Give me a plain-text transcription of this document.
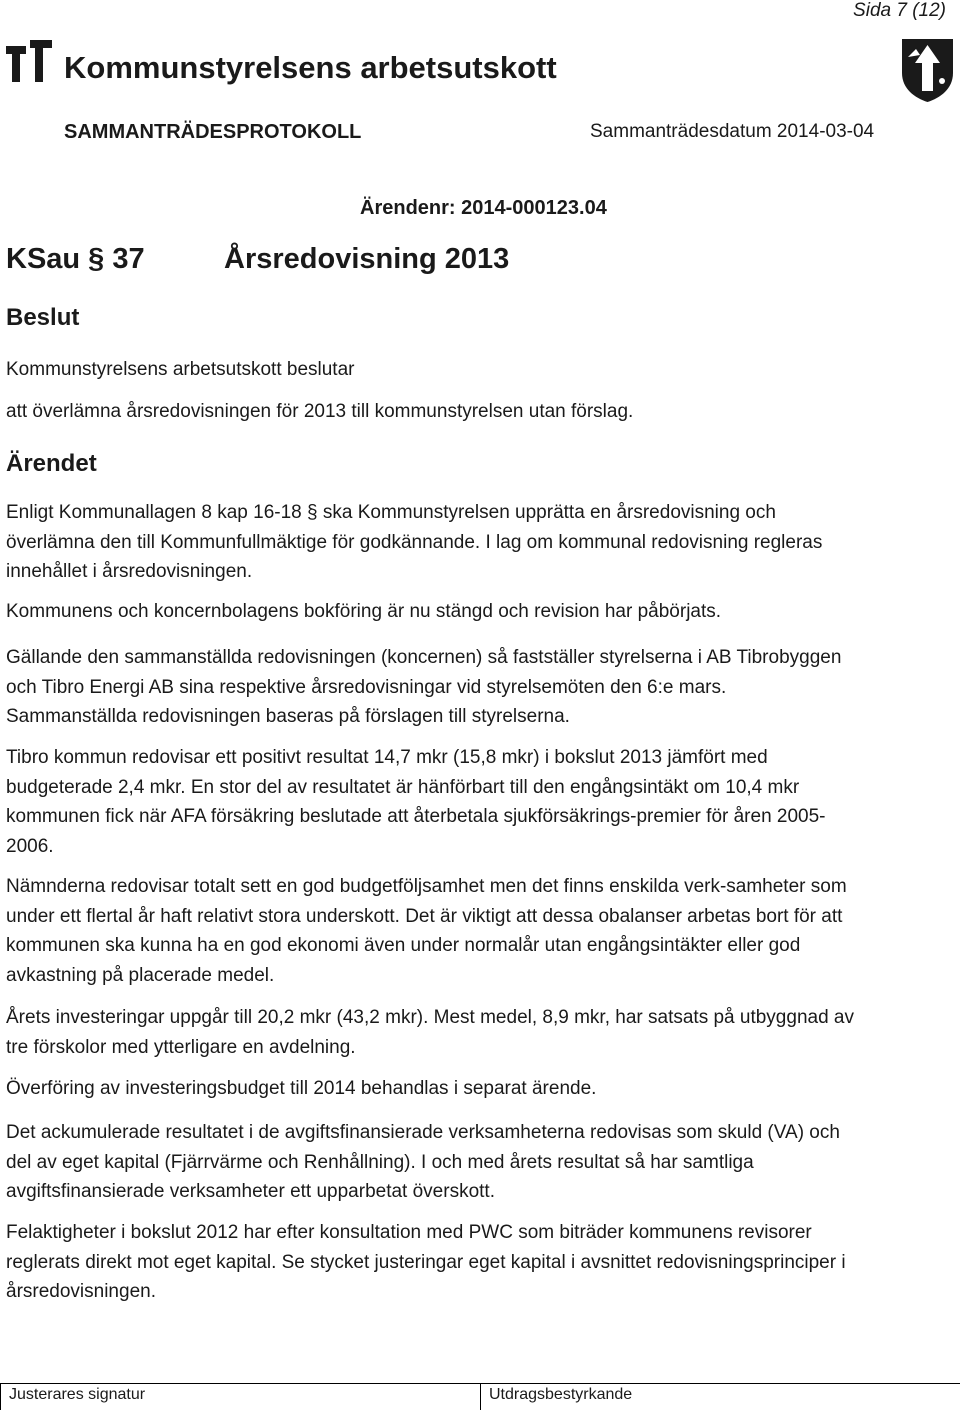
Sida 7 (12)
Kommunstyrelsens arbetsutskott
SAMMANTRÄDESPROTOKOLL	Sammanträdesdatum 2014-03-04
Ärendenr: 2014-000123.04
KSau § 37	Årsredovisning 2013
Beslut
Kommunstyrelsens arbetsutskott beslutar
att överlämna årsredovisningen för 2013 till kommunstyrelsen utan förslag.
Ärendet

Enligt Kommunallagen 8 kap 16-18 § ska Kommunstyrelsen upprätta en årsredovisning och överlämna den till Kommunfullmäktige för godkännande. I lag om kommunal redovisning regleras innehållet i årsredovisningen.

Kommunens och koncernbolagens bokföring är nu stängd och revision har påbörjats.

Gällande den sammanställda redovisningen (koncernen) så fastställer styrelserna i AB Tibrobyggen och Tibro Energi AB sina respektive årsredovisningar vid styrelsemöten den 6:e mars. Sammanställda redovisningen baseras på förslagen till styrelserna.

Tibro kommun redovisar ett positivt resultat 14,7 mkr (15,8 mkr) i bokslut 2013 jämfört med budgeterade 2,4 mkr. En stor del av resultatet är hänförbart till den engångsintäkt om 10,4 mkr kommunen fick när AFA försäkring beslutade att återbetala sjukförsäkrings-premier för åren 2005-2006.

Nämnderna redovisar totalt sett en god budgetföljsamhet men det finns enskilda verk-samheter som under ett flertal år haft relativt stora underskott. Det är viktigt att dessa obalanser arbetas bort för att kommunen ska kunna ha en god ekonomi även under normalår utan engångsintäkter eller god avkastning på placerade medel.

Årets investeringar uppgår till 20,2 mkr (43,2 mkr). Mest medel, 8,9 mkr, har satsats på utbyggnad av tre förskolor med ytterligare en avdelning.

Överföring av investeringsbudget till 2014 behandlas i separat ärende.

Det ackumulerade resultatet i de avgiftsfinansierade verksamheterna redovisas som skuld (VA) och del av eget kapital (Fjärrvärme och Renhållning). I och med årets resultat så har samtliga avgiftsfinansierade verksamheter ett upparbetat överskott.

Felaktigheter i bokslut 2012 har efter konsultation med PWC som biträder kommunens revisorer reglerats direkt mot eget kapital. Se stycket justeringar eget kapital i avsnittet redovisningsprinciper i årsredovisningen.

Justerares signatur	Utdragsbestyrkande
